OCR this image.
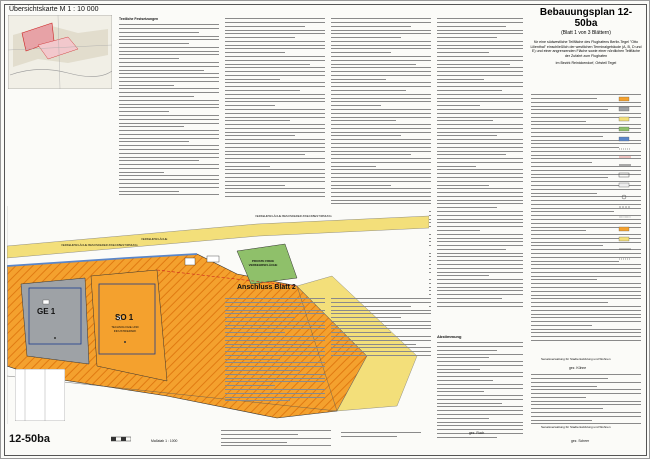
Übersichtskarte M 1 : 10 000
Textliche Festsetzungen
Bebauungsplan 12-50ba
(Blatt 1 von 3 Blättern)
für eine südwestliche Teilfläche des Flughafens Berlin-Tegel "Otto Lilienthal" einschließlich der westlichen Terminalgebäude (A, B, D und E) und einer angrenzenden Fläche sowie einer nördlichen Teilfläche der Zufahrt zum Flughafen
im Bezirk Reinickendorf, Ortsteil Tegel
GE 1
SO 1
TECHNOLOGIE-UND INDUSTRIEPARK
PRIVATE FREIE VERKEHRSFLÄCHE
Anschluss Blatt 2
VERKEHRSFLÄCHE BESONDERER ZWECKBESTIMMUNG
VERKEHRSFLÄCHE
VERKEHRSFLÄCHE BESONDERER ZWECKBESTIMMUNG
Abstimmung
gez. Ruch
gez. Kühne
Senatsverwaltung für Stadtentwicklung und Wohnen
gez. Scheer
Senatsverwaltung für Stadtentwicklung und Wohnen
12-50ba	Maßstab 1 : 1000
